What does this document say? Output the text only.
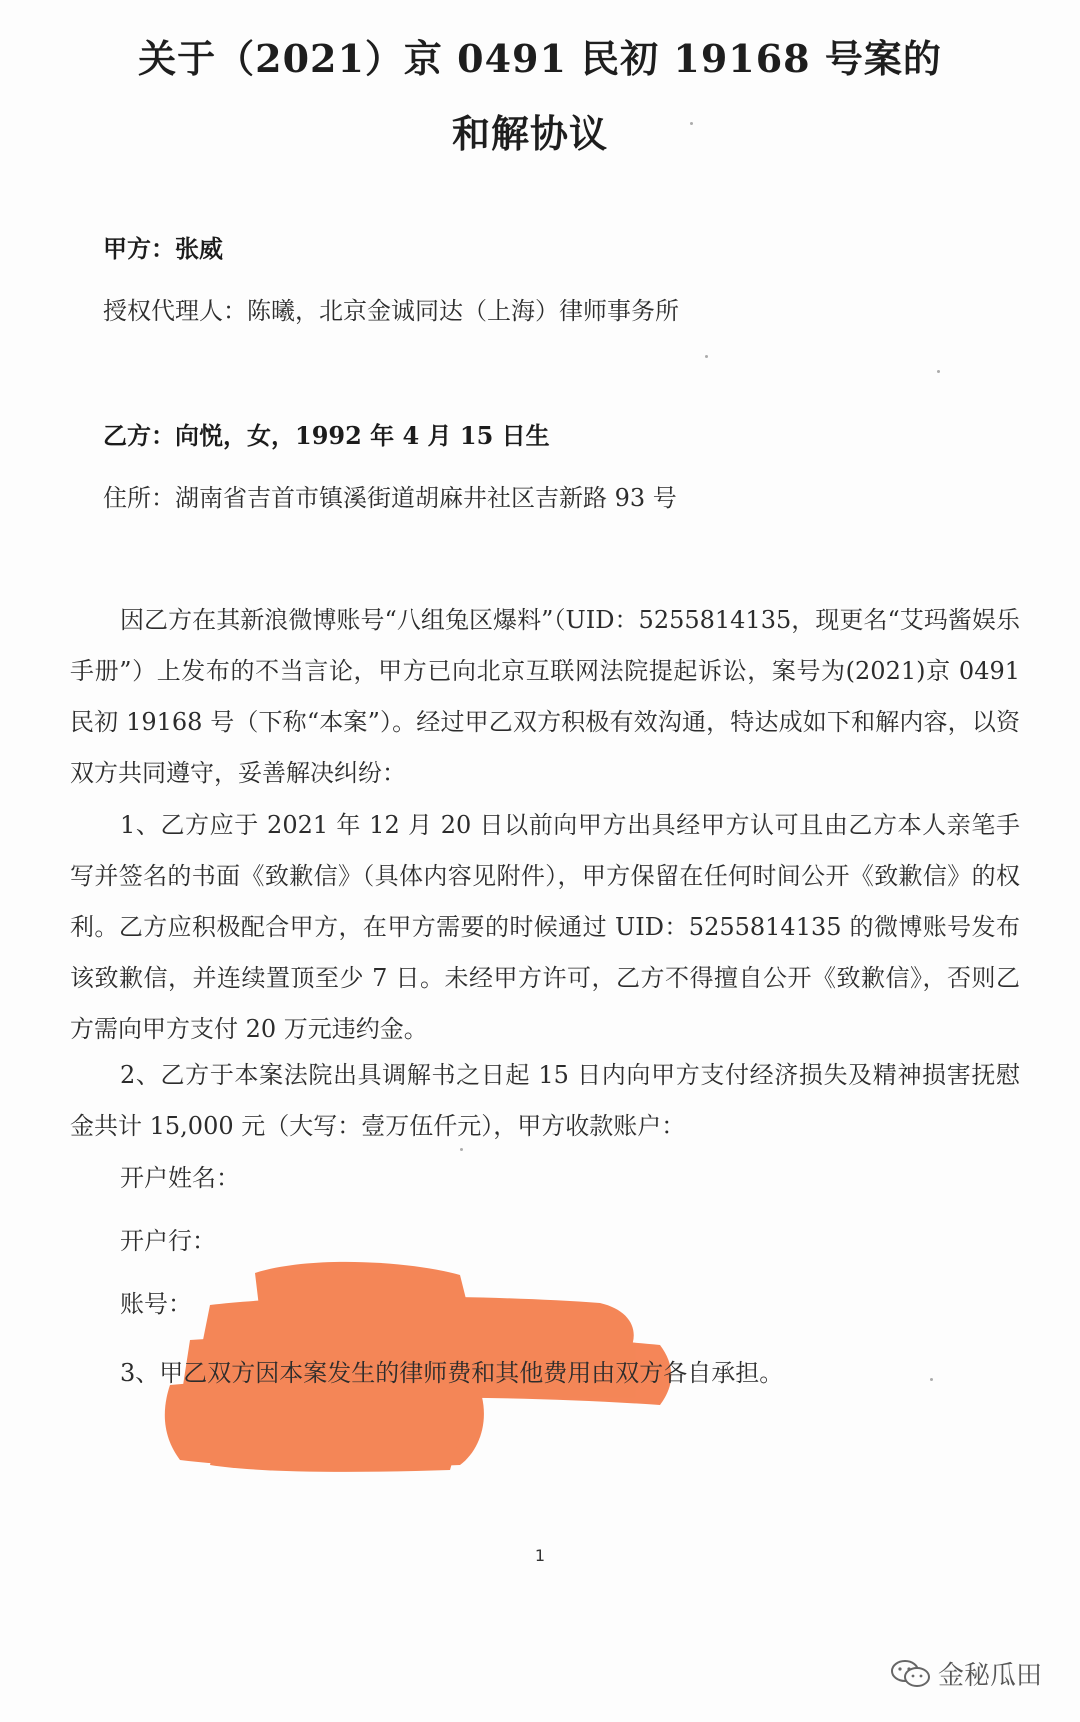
关于（2021）京 0491 民初 19168 号案的
和解协议
甲方：张威
授权代理人：陈曦，北京金诚同达（上海）律师事务所
乙方：向悦，女，1992 年 4 月 15 日生
住所：湖南省吉首市镇溪街道胡麻井社区吉新路 93 号
因乙方在其新浪微博账号“八组兔区爆料”（UID：5255814135，现更名“艾玛酱娱乐手册”）上发布的不当言论，甲方已向北京互联网法院提起诉讼，案号为(2021)京 0491 民初 19168 号（下称“本案”）。经过甲乙双方积极有效沟通，特达成如下和解内容，以资双方共同遵守，妥善解决纠纷：
1、乙方应于 2021 年 12 月 20 日以前向甲方出具经甲方认可且由乙方本人亲笔手写并签名的书面《致歉信》（具体内容见附件），甲方保留在任何时间公开《致歉信》的权利。乙方应积极配合甲方，在甲方需要的时候通过 UID：5255814135 的微博账号发布该致歉信，并连续置顶至少 7 日。未经甲方许可，乙方不得擅自公开《致歉信》，否则乙方需向甲方支付 20 万元违约金。
2、乙方于本案法院出具调解书之日起 15 日内向甲方支付经济损失及精神损害抚慰金共计 15,000 元（大写：壹万伍仟元），甲方收款账户：
开户姓名：
开户行：
账号：
3、甲乙双方因本案发生的律师费和其他费用由双方各自承担。
1
金秘瓜田
